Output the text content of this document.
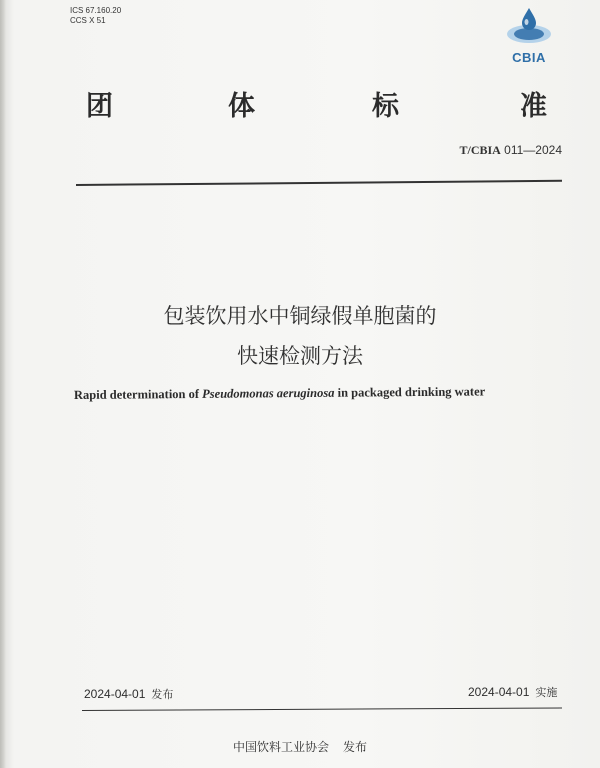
ICS 67.160.20
CCS X 51
CBIA
团	体	标	准
T/CBIA 011—2024
包装饮用水中铜绿假单胞菌的
快速检测方法
Rapid determination of Pseudomonas aeruginosa in packaged drinking water
2024-04-01 发布	2024-04-01 实施
中国饮料工业协会 发布
